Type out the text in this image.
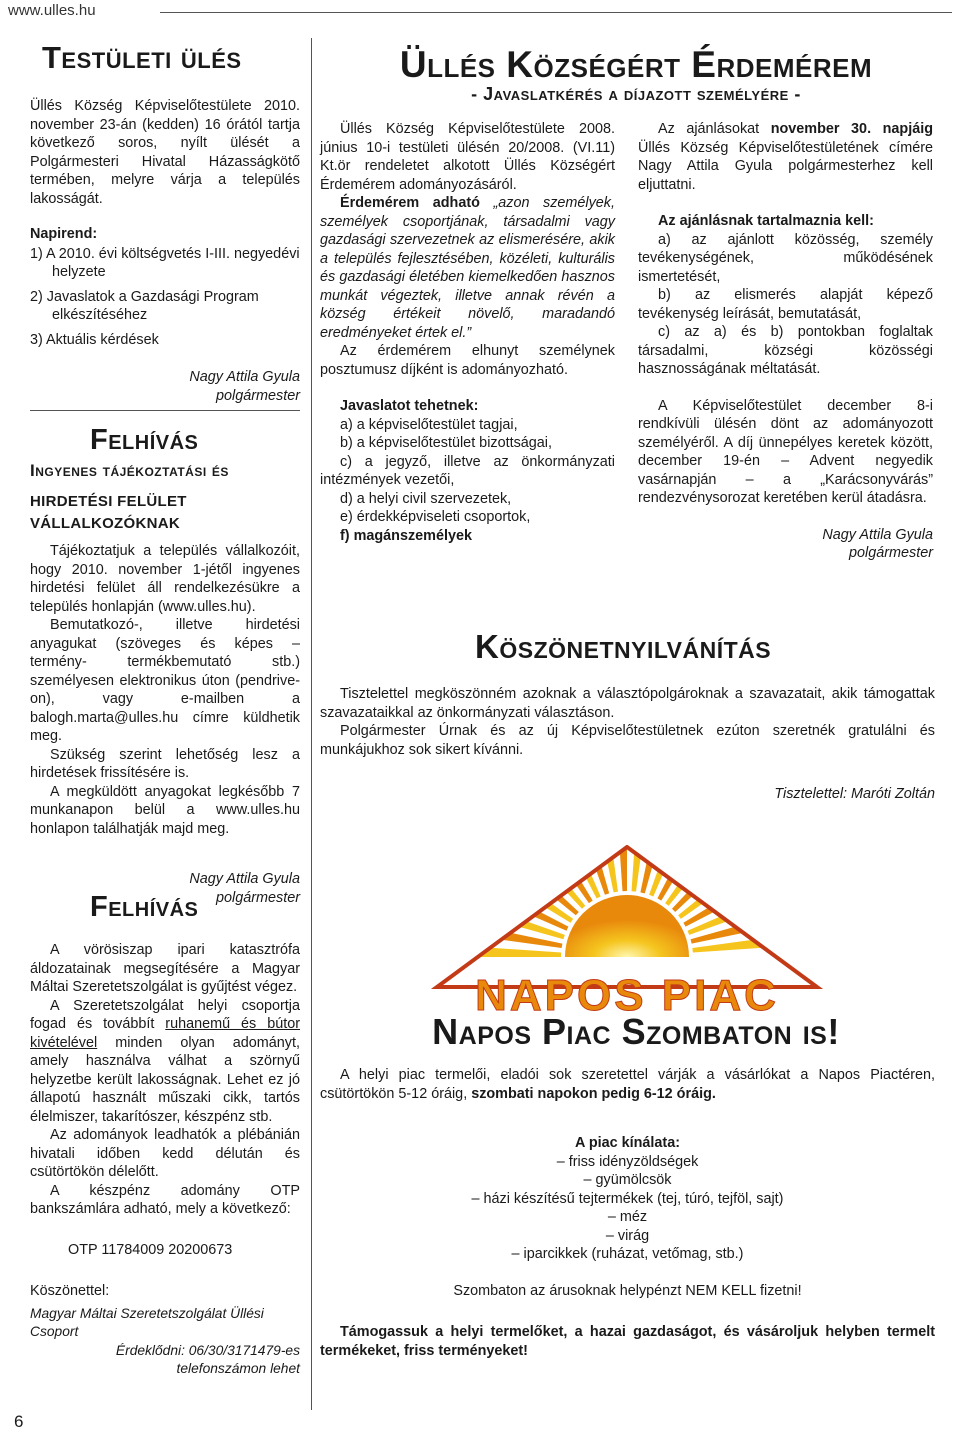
www.ulles.hu
Testületi ülés

Üllés Község Képviselőtestülete 2010. november 23-án (kedden) 16 órától tartja következő soros, nyílt ülését a Polgármesteri Hivatal Házasságkötő termében, melyre várja a település lakosságát.

Napirend:

1) A 2010. évi költségvetés I-III. negyedévi helyzete

2) Javaslatok a Gazdasági Program elkészítéséhez

3) Aktuális kérdések

Nagy Attila Gyula

polgármester

Felhívás
Ingyenes tájékoztatási és
HIRDETÉSI FELÜLET VÁLLALKOZÓKNAK

Tájékoztatjuk a település vállalkozóit, hogy 2010. november 1-jétől ingyenes hirdetési felület áll rendelkezésükre a település honlapján (www.ulles.hu).

Bemutatkozó-, illetve hirdetési anyagukat (szöveges és képes – termény- termékbemutató stb.) személyesen elektronikus úton (pendrive-on), vagy e-mailben a balogh.marta@ulles.hu címre küldhetik meg.

Szükség szerint lehetőség lesz a hirdetések frissítésére is.

A megküldött anyagokat legkésőbb 7 munkanapon belül a www.ulles.hu honlapon találhatják majd meg.

Nagy Attila Gyula

polgármester

Felhívás

A vörösiszap ipari katasztrófa áldozatainak megsegítésére a Magyar Máltai Szeretetszolgálat is gyűjtést végez.

A Szeretetszolgálat helyi csoportja fogad és továbbít ruhanemű és bútor kivételével minden olyan adományt, amely használva válhat a szörnyű helyzetbe került lakosságnak. Lehet ez jó állapotú használt műszaki cikk, tartós élelmiszer, takarítószer, készpénz stb.

Az adományok leadhatók a plébánián hivatali időben kedd délután és csütörtökön délelőtt.

A készpénz adomány OTP bankszámlára adható, mely a következő:

OTP 11784009 20200673

Köszönettel:

Magyar Máltai Szeretetszolgálat Üllési Csoport

Érdeklődni: 06/30/3171479-es

telefonszámon lehet

6
Üllés Községért Érdemérem
- Javaslatkérés a díjazott személyére -

Üllés Község Képviselőtestülete 2008. június 10-i testületi ülésén 20/2008. (VI.11) Kt.ör rendeletet alkotott Üllés Községért Érdemérem adományozásáról.

Érdemérem adható „azon személyek, személyek csoportjának, társadalmi vagy gazdasági szervezetnek az elismerésére, akik a település fejlesztésében, közéleti, kulturális és gazdasági életében kiemelkedően hasznos munkát végeztek, illetve annak révén a község értékeit növelő, maradandó eredményeket értek el.”

Az érdemérem elhunyt személynek posztumusz díjként is adományozható.

Javaslatot tehetnek:

a) a képviselőtestület tagjai,

b) a képviselőtestület bizottságai,

c) a jegyző, illetve az önkormányzati intézmények vezetői,

d) a helyi civil szervezetek,

e) érdekképviseleti csoportok,

f) magánszemélyek

Az ajánlásokat november 30. napjáig Üllés Község Képviselőtestületének címére Nagy Attila Gyula polgármesterhez kell eljuttatni.

Az ajánlásnak tartalmaznia kell:

a) az ajánlott közösség, személy tevékenységének, működésének ismertetését,

b) az elismerés alapját képező tevékenység leírását, bemutatását,

c) az a) és b) pontokban foglaltak társadalmi, községi közösségi hasznosságának méltatását.

A Képviselőtestület december 8-i rendkívüli ülésén dönt az adományozott személyéről. A díj ünnepélyes keretek között, december 19-én – Advent negyedik vasárnapján – a „Karácsonyvárás” rendezvénysorozat keretében kerül átadásra.

Nagy Attila Gyula

polgármester

Köszönetnyilvánítás

Tisztelettel megköszönném azoknak a választópolgároknak a szavazatait, akik támogattak szavazataikkal az önkormányzati választáson.

Polgármester Úrnak és az új Képviselőtestületnek ezúton szeretnék gratulálni és munkájukhoz sok sikert kívánni.

Tisztelettel: Maróti Zoltán

NAPOS PIAC
Napos Piac Szombaton is!

A helyi piac termelői, eladói sok szeretettel várják a vásárlókat a Napos Piactéren, csütörtökön 5-12 óráig, szombati napokon pedig 6-12 óráig.

A piac kínálata:

– friss idényzöldségek

– gyümölcsök

– házi készítésű tejtermékek (tej, túró, tejföl, sajt)

– méz

– virág

– iparcikkek (ruházat, vetőmag, stb.)

Szombaton az árusoknak helypénzt NEM KELL fizetni!

Támogassuk a helyi termelőket, a hazai gazdaságot, és vásároljuk helyben termelt termékeket, friss terményeket!
